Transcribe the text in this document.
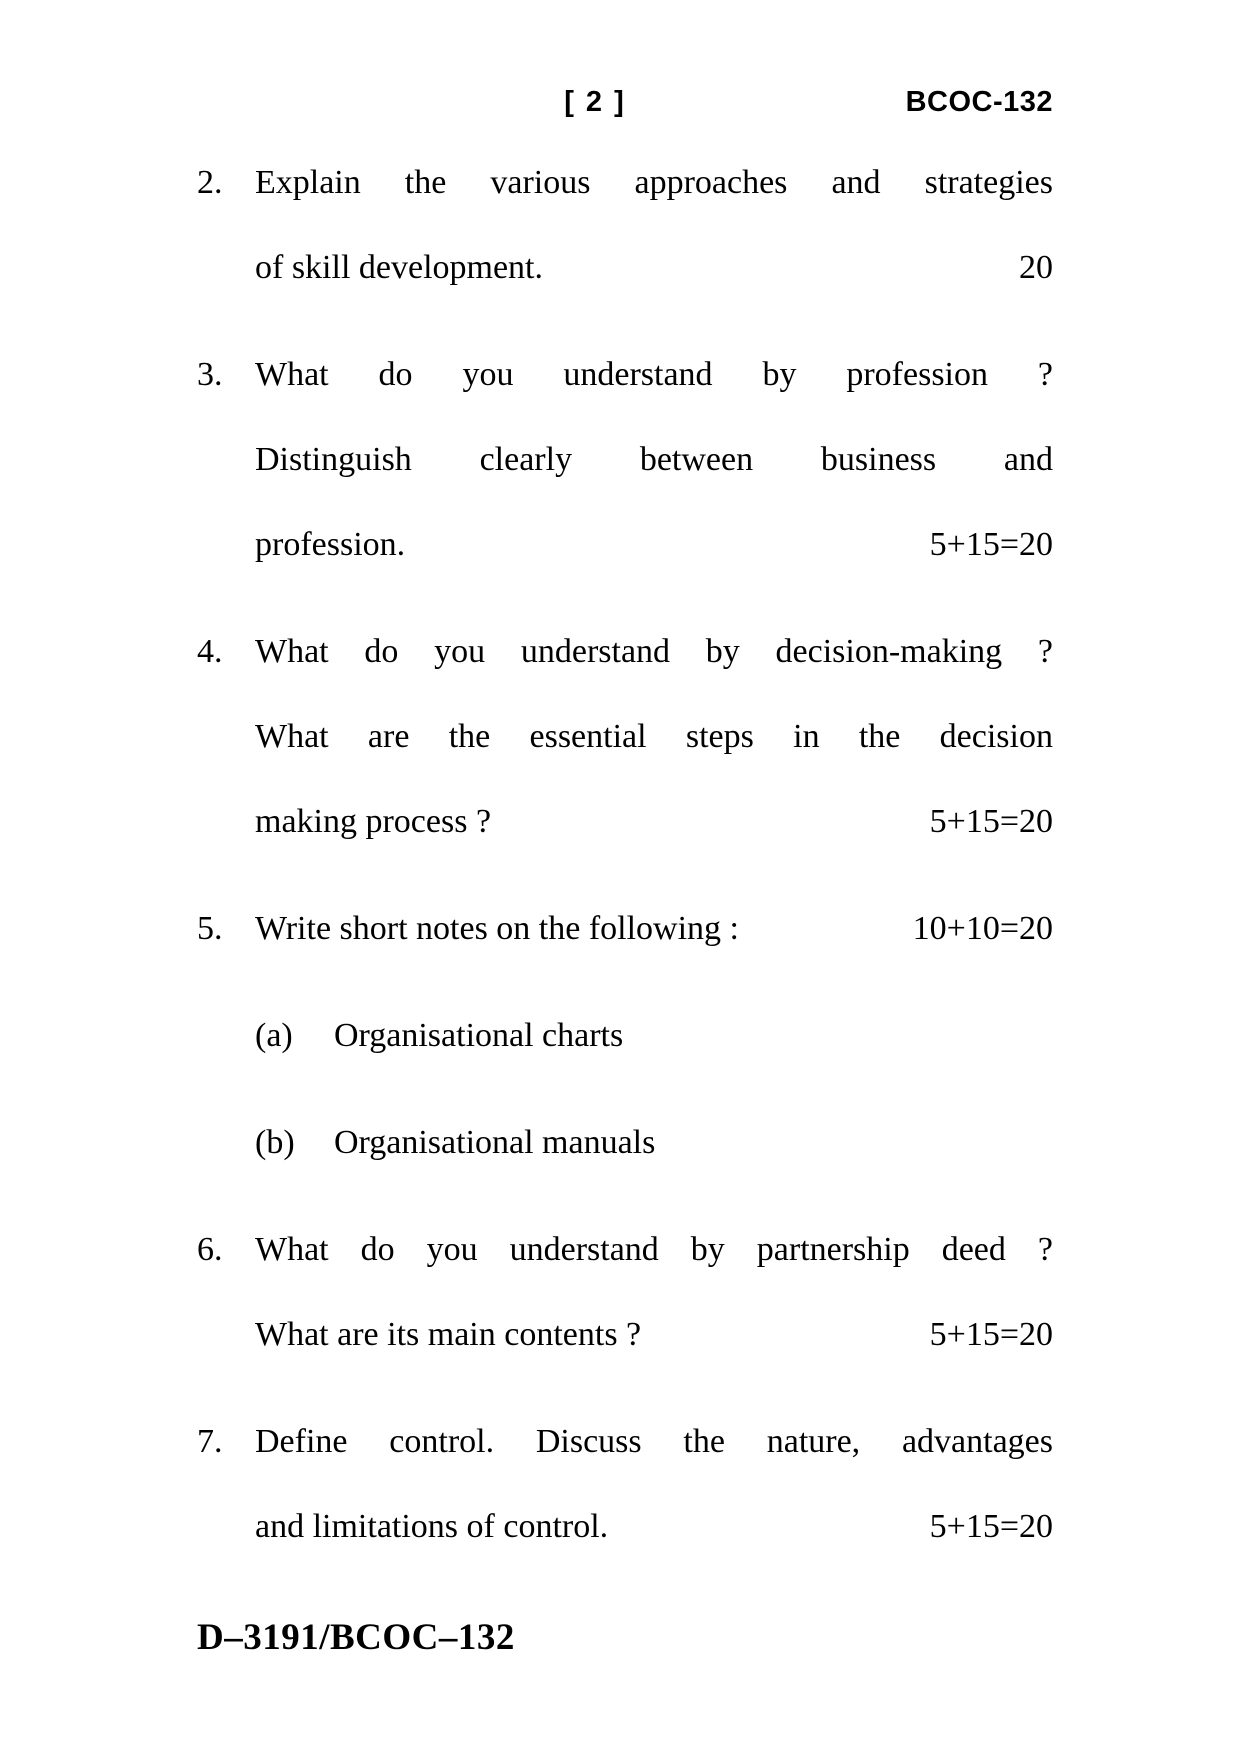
[ 2 ]	BCOC-132
2. Explain the various approaches and strategies
of skill development.	20
3. What do you understand by profession ?
Distinguish clearly between business and
profession.	5+15=20
4. What do you understand by decision-making ?
What are the essential steps in the decision
making process ?	5+15=20
5. Write short notes on the following :	10+10=20
(a)	Organisational charts
(b)	Organisational manuals
6. What do you understand by partnership deed ?
What are its main contents ?	5+15=20
7. Define control. Discuss the nature, advantages
and limitations of control.	5+15=20
D–3191/BCOC–132
